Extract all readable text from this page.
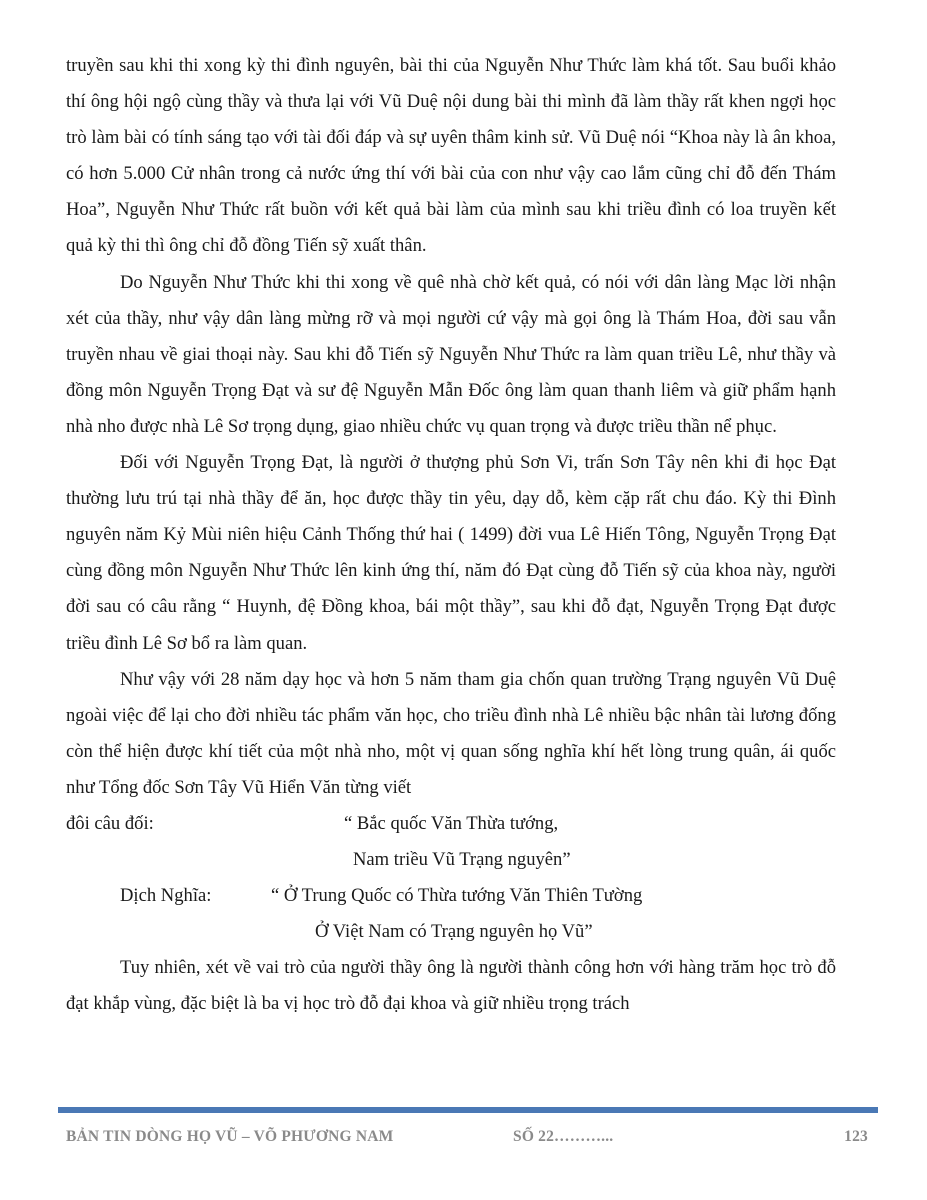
truyền sau khi thi xong kỳ thi đình nguyên, bài thi của Nguyễn Như Thức làm khá tốt. Sau buổi khảo thí ông hội ngộ cùng thầy và thưa lại với Vũ Duệ nội dung bài thi mình đã làm thầy rất khen ngợi học trò làm bài có tính sáng tạo với tài đối đáp và sự uyên thâm kinh sử. Vũ Duệ nói “Khoa này là ân khoa, có hơn 5.000 Cử nhân trong cả nước ứng thí với bài của con như vậy cao lắm cũng chỉ đỗ đến Thám Hoa”, Nguyễn Như Thức rất buồn với kết quả bài làm của mình sau khi triều đình có loa truyền kết quả kỳ thi thì ông chỉ đỗ đồng Tiến sỹ xuất thân.

Do Nguyễn Như Thức khi thi xong về quê nhà chờ kết quả, có nói với dân làng Mạc lời nhận xét của thầy, như vậy dân làng mừng rỡ và mọi người cứ vậy mà gọi ông là Thám Hoa, đời sau vẫn truyền nhau về giai thoại này. Sau khi đỗ Tiến sỹ Nguyễn Như Thức ra làm quan triều Lê, như thầy và đồng môn Nguyễn Trọng Đạt và sư đệ Nguyễn Mẫn Đốc ông làm quan thanh liêm và giữ phẩm hạnh nhà nho được nhà Lê Sơ trọng dụng, giao nhiều chức vụ quan trọng và được triều thần nể phục.

Đối với Nguyễn Trọng Đạt, là người ở thượng phủ Sơn Vi, trấn Sơn Tây nên khi đi học Đạt thường lưu trú tại nhà thầy để ăn, học được thầy tin yêu, dạy dỗ, kèm cặp rất chu đáo. Kỳ thi Đình nguyên năm Kỷ Mùi niên hiệu Cảnh Thống thứ hai ( 1499) đời vua Lê Hiến Tông, Nguyễn Trọng Đạt cùng đồng môn Nguyễn Như Thức lên kinh ứng thí, năm đó Đạt cùng đỗ Tiến sỹ của khoa này, người đời sau có câu rằng “ Huynh, đệ Đồng khoa, bái một thầy”, sau khi đỗ đạt, Nguyễn Trọng Đạt được triều đình Lê Sơ bổ ra làm quan.

Như vậy với 28 năm dạy học và hơn 5 năm tham gia chốn quan trường Trạng nguyên Vũ Duệ ngoài việc để lại cho đời nhiều tác phẩm văn học, cho triều đình nhà Lê nhiều bậc nhân tài lương đống còn thể hiện được khí tiết của một nhà nho, một vị quan sống nghĩa khí hết lòng trung quân, ái quốc như Tổng đốc Sơn Tây Vũ Hiển Văn từng viết

đôi câu đối:	“ Bắc quốc Văn Thừa tướng,
Nam triều Vũ Trạng nguyên”
Dịch Nghĩa:	“ Ở Trung Quốc có Thừa tướng Văn Thiên Tường
Ở Việt Nam có Trạng nguyên họ Vũ”

Tuy nhiên, xét về vai trò của người thầy ông là người thành công hơn với hàng trăm học trò đỗ đạt khắp vùng, đặc biệt là ba vị học trò đỗ đại khoa và giữ nhiều trọng trách

BẢN TIN DÒNG HỌ VŨ – VÕ PHƯƠNG NAM	SỐ 22………...	123
